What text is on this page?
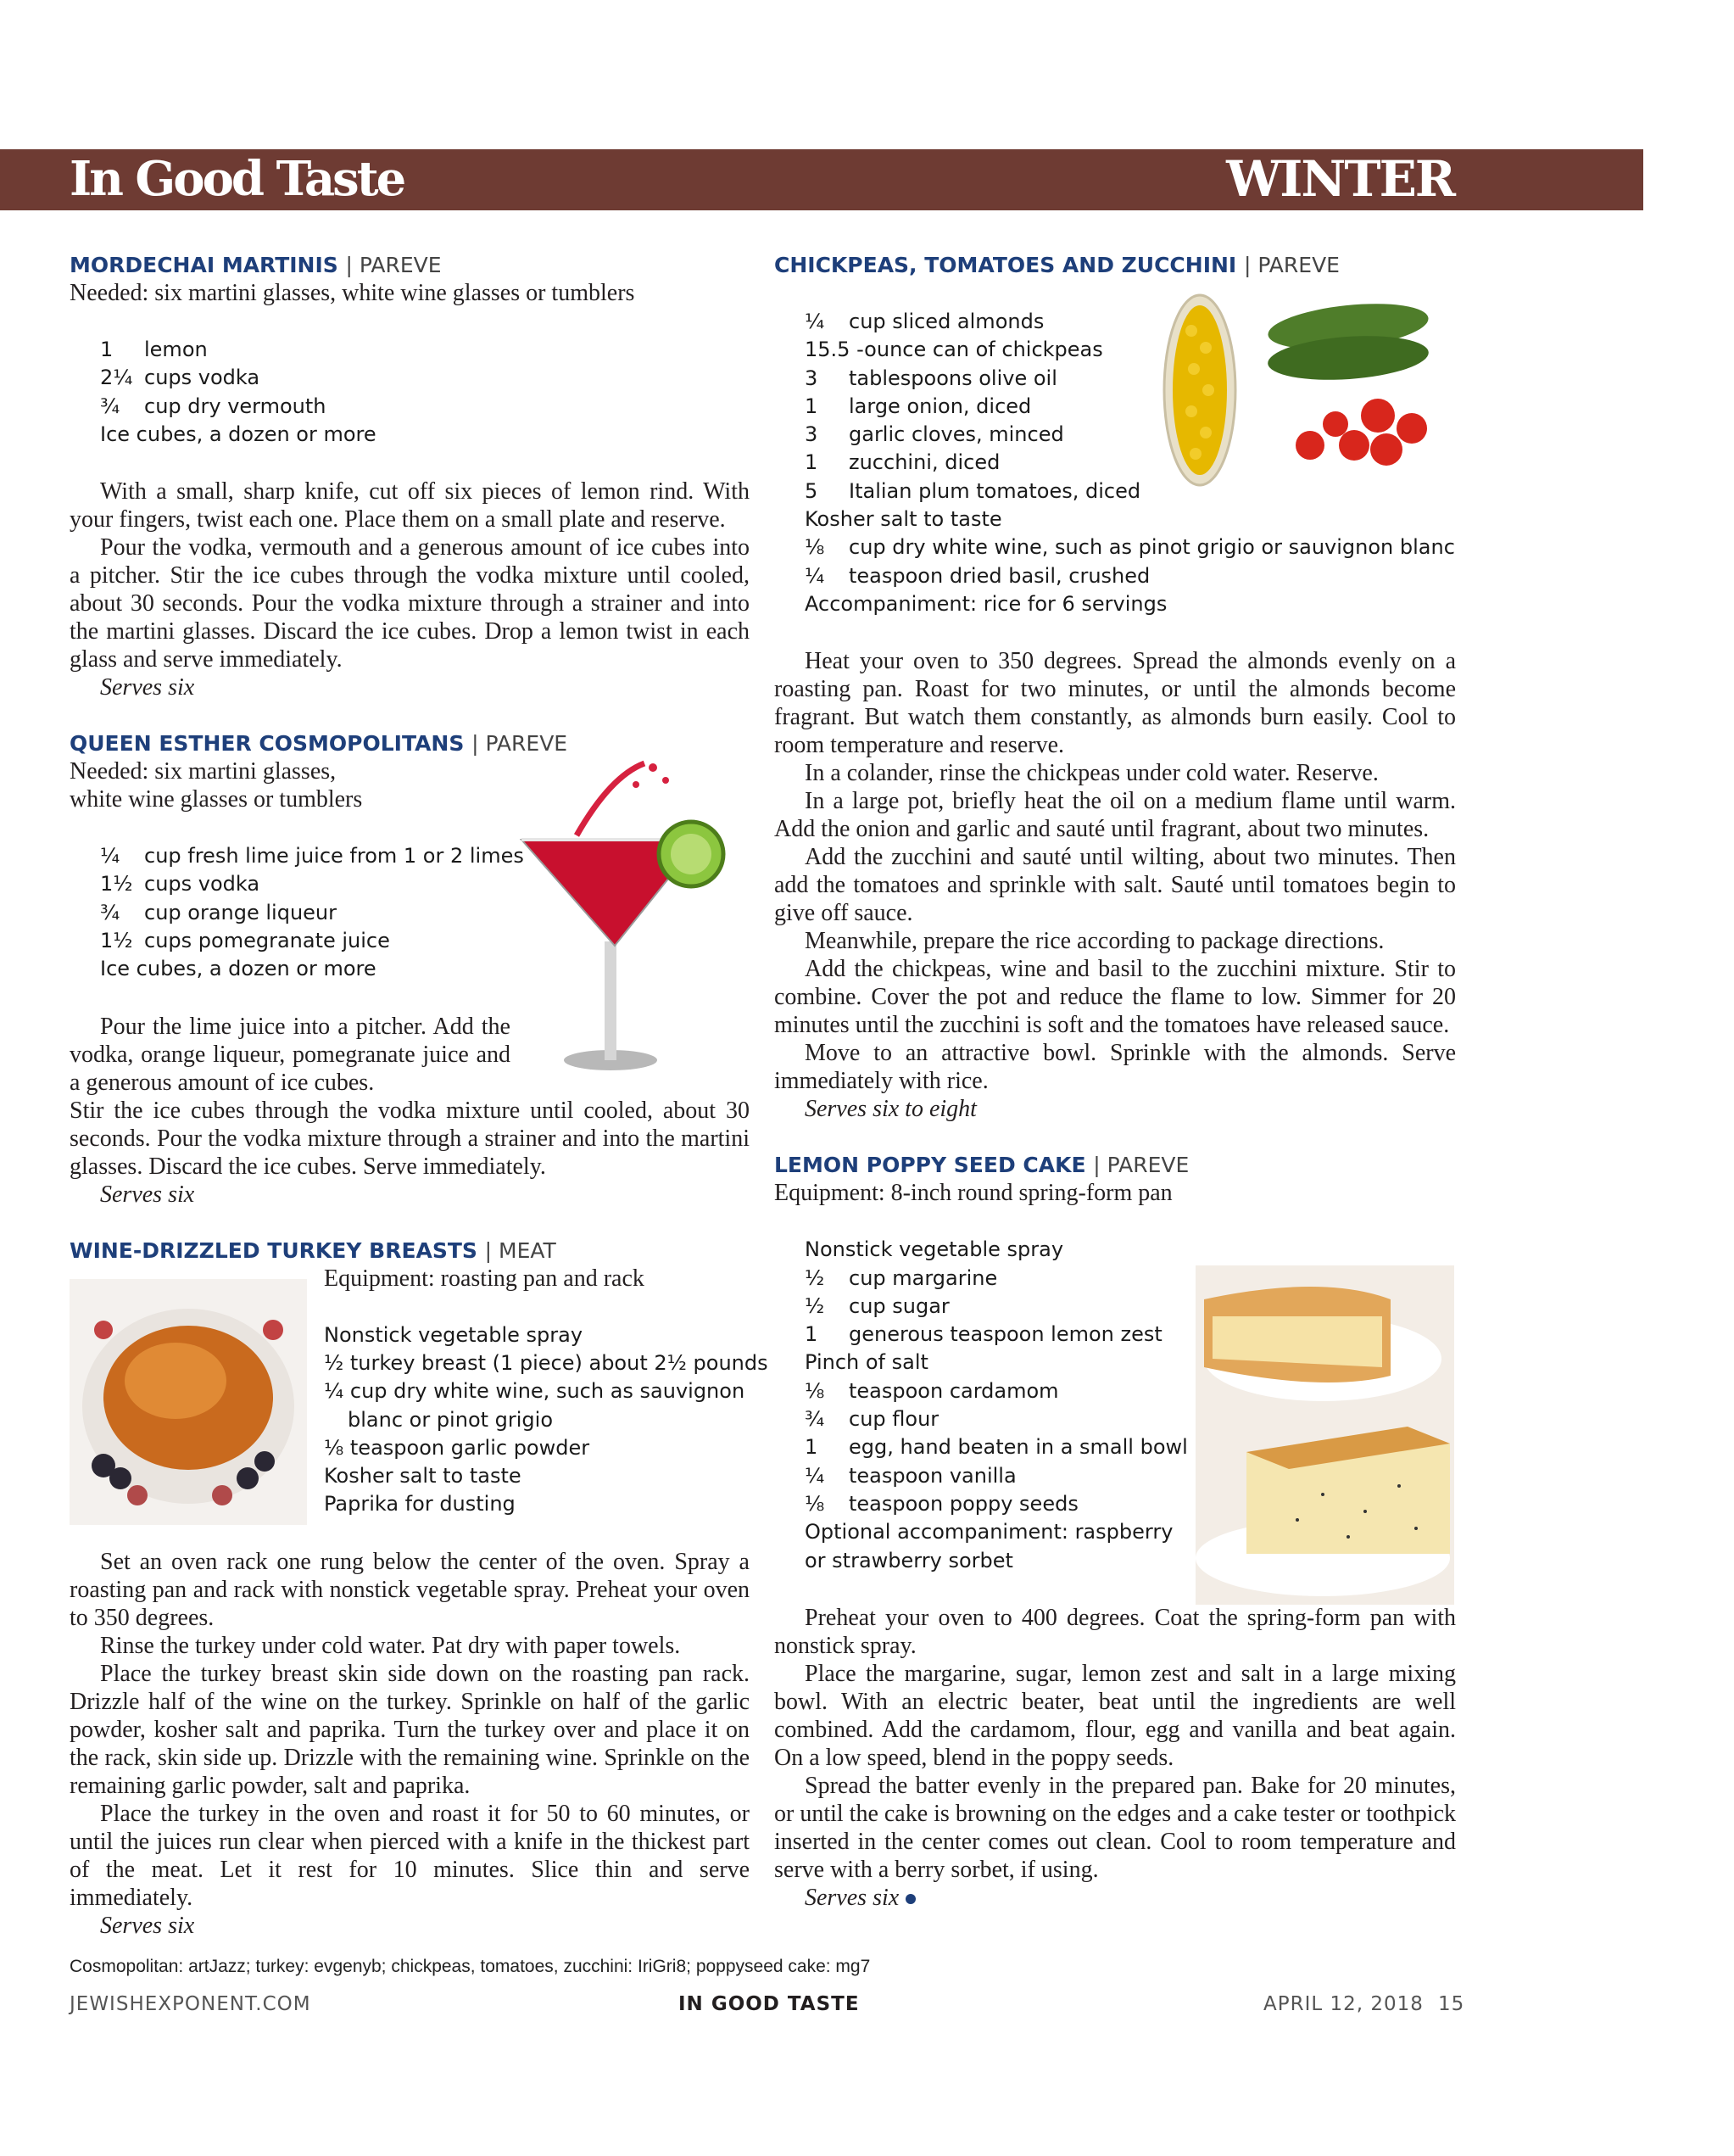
In Good Taste	WINTER
MORDECHAI MARTINIS | PAREVE

Needed: six martini glasses, white wine glasses or tumblers

1 lemon

2¼ cups vodka

¾ cup dry vermouth

Ice cubes, a dozen or more

With a small, sharp knife, cut off six pieces of lemon rind. With your fingers, twist each one. Place them on a small plate and reserve.

Pour the vodka, vermouth and a generous amount of ice cubes into a pitcher. Stir the ice cubes through the vodka mixture until cooled, about 30 seconds. Pour the vodka mixture through a strainer and into the martini glasses. Discard the ice cubes. Drop a lemon twist in each glass and serve immediately.

Serves six

QUEEN ESTHER COSMOPOLITANS | PAREVE

Needed: six martini glasses,

white wine glasses or tumblers

¼ cup fresh lime juice from 1 or 2 limes

1½ cups vodka

¾ cup orange liqueur

1½ cups pomegranate juice

Ice cubes, a dozen or more

Pour the lime juice into a pitcher. Add the vodka, orange liqueur, pomegranate juice and a generous amount of ice cubes.

Stir the ice cubes through the vodka mixture until cooled, about 30 seconds. Pour the vodka mixture through a strainer and into the martini glasses. Discard the ice cubes. Serve immediately.

Serves six

WINE-DRIZZLED TURKEY BREASTS | MEAT

Equipment: roasting pan and rack

Nonstick vegetable spray

½ turkey breast (1 piece) about 2½ pounds

¼ cup dry white wine, such as sauvignon

blanc or pinot grigio

⅛ teaspoon garlic powder

Kosher salt to taste

Paprika for dusting

Set an oven rack one rung below the center of the oven. Spray a roasting pan and rack with nonstick vegetable spray. Preheat your oven to 350 degrees.

Rinse the turkey under cold water. Pat dry with paper towels.

Place the turkey breast skin side down on the roasting pan rack. Drizzle half of the wine on the turkey. Sprinkle on half of the garlic powder, kosher salt and paprika. Turn the turkey over and place it on the rack, skin side up. Drizzle with the remaining wine. Sprinkle on the remaining garlic powder, salt and paprika.

Place the turkey in the oven and roast it for 50 to 60 minutes, or until the juices run clear when pierced with a knife in the thickest part of the meat. Let it rest for 10 minutes. Slice thin and serve immediately.

Serves six

CHICKPEAS, TOMATOES AND ZUCCHINI | PAREVE

¼ cup sliced almonds

15.5 -ounce can of chickpeas

3 tablespoons olive oil

1 large onion, diced

3 garlic cloves, minced

1 zucchini, diced

5 Italian plum tomatoes, diced

Kosher salt to taste

⅛ cup dry white wine, such as pinot grigio or sauvignon blanc

¼ teaspoon dried basil, crushed

Accompaniment: rice for 6 servings

Heat your oven to 350 degrees. Spread the almonds evenly on a roasting pan. Roast for two minutes, or until the almonds become fragrant. But watch them constantly, as almonds burn easily. Cool to room temperature and reserve.

In a colander, rinse the chickpeas under cold water. Reserve.

In a large pot, briefly heat the oil on a medium flame until warm. Add the onion and garlic and sauté until fragrant, about two minutes.

Add the zucchini and sauté until wilting, about two minutes. Then add the tomatoes and sprinkle with salt. Sauté until tomatoes begin to give off sauce.

Meanwhile, prepare the rice according to package directions.

Add the chickpeas, wine and basil to the zucchini mixture. Stir to combine. Cover the pot and reduce the flame to low. Simmer for 20 minutes until the zucchini is soft and the tomatoes have released sauce.

Move to an attractive bowl. Sprinkle with the almonds. Serve immediately with rice.

Serves six to eight

LEMON POPPY SEED CAKE | PAREVE

Equipment: 8-inch round spring-form pan

Nonstick vegetable spray

½ cup margarine

½ cup sugar

1 generous teaspoon lemon zest

Pinch of salt

⅛ teaspoon cardamom

¾ cup flour

1 egg, hand beaten in a small bowl

¼ teaspoon vanilla

⅛ teaspoon poppy seeds

Optional accompaniment: raspberry

or strawberry sorbet

Preheat your oven to 400 degrees. Coat the spring-form pan with nonstick spray.

Place the margarine, sugar, lemon zest and salt in a large mixing bowl. With an electric beater, beat until the ingredients are well combined. Add the cardamom, flour, egg and vanilla and beat again. On a low speed, blend in the poppy seeds.

Spread the batter evenly in the prepared pan. Bake for 20 minutes, or until the cake is browning on the edges and a cake tester or toothpick inserted in the center comes out clean. Cool to room temperature and serve with a berry sorbet, if using.

Serves six

Cosmopolitan: artJazz; turkey: evgenyb; chickpeas, tomatoes, zucchini: IriGri8; poppyseed cake: mg7
JEWISHEXPONENT.COM	IN GOOD TASTE	APRIL 12, 2018 15
